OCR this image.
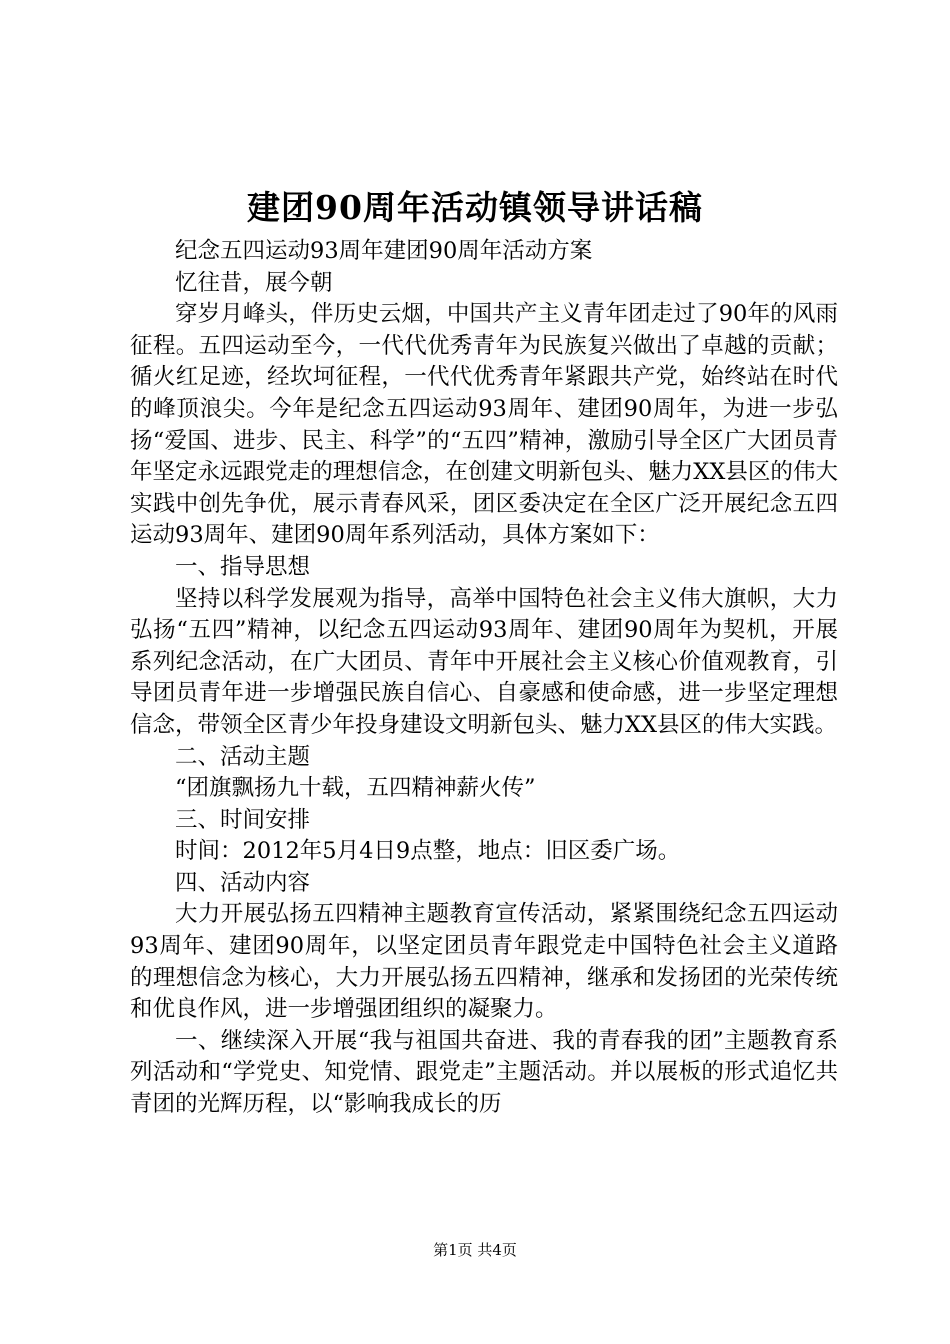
建团90周年活动镇领导讲话稿

纪念五四运动93周年建团90周年活动方案

忆往昔，展今朝

穿岁月峰头，伴历史云烟，中国共产主义青年团走过了90年的风雨征程。五四运动至今，一代代优秀青年为民族复兴做出了卓越的贡献；循火红足迹，经坎坷征程，一代代优秀青年紧跟共产党，始终站在时代的峰顶浪尖。今年是纪念五四运动93周年、建团90周年，为进一步弘扬“爱国、进步、民主、科学”的“五四”精神，激励引导全区广大团员青年坚定永远跟党走的理想信念，在创建文明新包头、魅力XX县区的伟大实践中创先争优，展示青春风采，团区委决定在全区广泛开展纪念五四运动93周年、建团90周年系列活动，具体方案如下：

一、指导思想

坚持以科学发展观为指导，高举中国特色社会主义伟大旗帜，大力弘扬“五四”精神，以纪念五四运动93周年、建团90周年为契机，开展系列纪念活动，在广大团员、青年中开展社会主义核心价值观教育，引导团员青年进一步增强民族自信心、自豪感和使命感，进一步坚定理想信念，带领全区青少年投身建设文明新包头、魅力XX县区的伟大实践。

二、活动主题

“团旗飘扬九十载，五四精神薪火传”

三、时间安排

时间：2012年5月4日9点整，地点：旧区委广场。

四、活动内容

大力开展弘扬五四精神主题教育宣传活动，紧紧围绕纪念五四运动93周年、建团90周年，以坚定团员青年跟党走中国特色社会主义道路的理想信念为核心，大力开展弘扬五四精神，继承和发扬团的光荣传统和优良作风，进一步增强团组织的凝聚力。

一、继续深入开展“我与祖国共奋进、我的青春我的团”主题教育系列活动和“学党史、知党情、跟党走”主题活动。并以展板的形式追忆共青团的光辉历程，以“影响我成长的历

第1页 共4页
